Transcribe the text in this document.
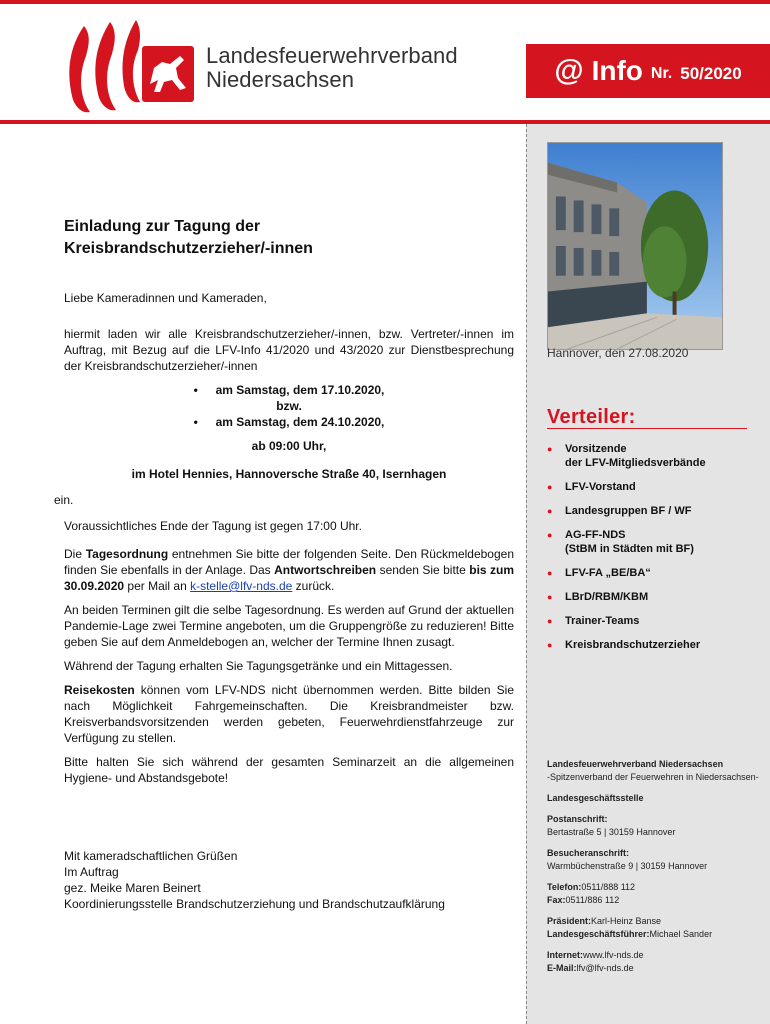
Landesfeuerwehrverband
Niedersachsen	@ Info Nr. 50/2020
Hannover, den 27.08.2020
Verteiler:
● Vorsitzende
der LFV-Mitgliedsverbände
● LFV-Vorstand
● Landesgruppen BF / WF
● AG-FF-NDS
(StBM in Städten mit BF)
● LFV-FA „BE/BA“
● LBrD/RBM/KBM
● Trainer-Teams
● Kreisbrandschutzerzieher
Landesfeuerwehrverband Niedersachsen
-Spitzenverband der Feuerwehren in Niedersachsen-
Landesgeschäftsstelle
Postanschrift:
Bertastraße 5 | 30159 Hannover
Besucheranschrift:
Warmbüchenstraße 9 | 30159 Hannover
Telefon:0511/888 112
Fax:0511/886 112
Präsident:Karl-Heinz Banse
Landesgeschäftsführer:Michael Sander
Internet:www.lfv-nds.de
E-Mail:lfv@lfv-nds.de
Einladung zur Tagung der
Kreisbrandschutzerzieher/-innen
Liebe Kameradinnen und Kameraden,
hiermit laden wir alle Kreisbrandschutzerzieher/-innen, bzw. Vertreter/-innen im Auftrag, mit Bezug auf die LFV-Info 41/2020 und 43/2020 zur Dienstbesprechung der Kreisbrandschutzerzieher/-innen
•	am Samstag, dem 17.10.2020,
bzw.
•	am Samstag, dem 24.10.2020,
ab 09:00 Uhr,
im Hotel Hennies, Hannoversche Straße 40, Isernhagen
ein.
Voraussichtliches Ende der Tagung ist gegen 17:00 Uhr.
Die Tagesordnung entnehmen Sie bitte der folgenden Seite. Den Rückmeldebogen finden Sie ebenfalls in der Anlage. Das Antwortschreiben senden Sie bitte bis zum 30.09.2020 per Mail an k-stelle@lfv-nds.de zurück.
An beiden Terminen gilt die selbe Tagesordnung. Es werden auf Grund der aktuellen Pandemie-Lage zwei Termine angeboten, um die Gruppengröße zu reduzieren! Bitte geben Sie auf dem Anmeldebogen an, welcher der Termine Ihnen zusagt.
Während der Tagung erhalten Sie Tagungsgetränke und ein Mittagessen.
Reisekosten können vom LFV-NDS nicht übernommen werden. Bitte bilden Sie nach Möglichkeit Fahrgemeinschaften. Die Kreisbrandmeister bzw. Kreisverbandsvorsitzenden werden gebeten, Feuerwehrdienstfahrzeuge zur Verfügung zu stellen.
Bitte halten Sie sich während der gesamten Seminarzeit an die allgemeinen Hygiene- und Abstandsgebote!
Mit kameradschaftlichen Grüßen
Im Auftrag
gez. Meike Maren Beinert
Koordinierungsstelle Brandschutzerziehung und Brandschutzaufklärung
